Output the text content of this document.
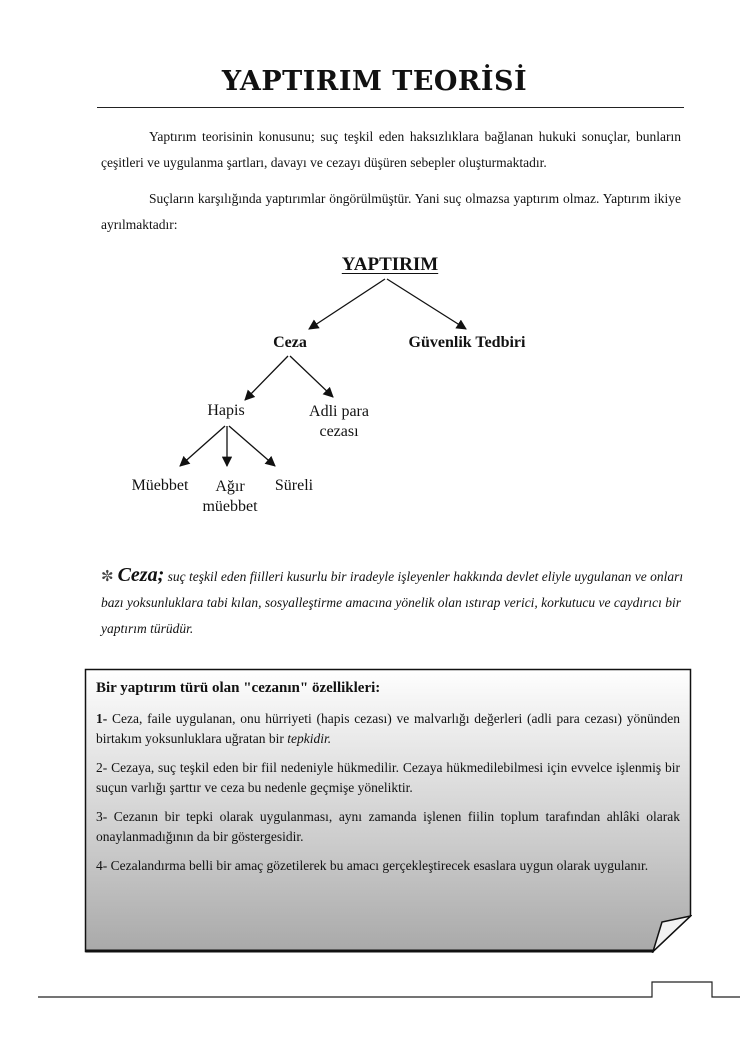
YAPTIRIM TEORİSİ
Yaptırım teorisinin konusunu; suç teşkil eden haksızlıklara bağlanan hukuki sonuçlar, bunların çeşitleri ve uygulanma şartları, davayı ve cezayı düşüren sebepler oluşturmaktadır.
Suçların karşılığında yaptırımlar öngörülmüştür. Yani suç olmazsa yaptırım olmaz. Yaptırım ikiye ayrılmaktadır:
YAPTIRIM
Ceza	Güvenlik Tedbiri
Hapis	Adli para
cezası
Müebbet	Ağır
müebbet
Süreli
✼ Ceza; suç teşkil eden fiilleri kusurlu bir iradeyle işleyenler hakkında devlet eliyle uygulanan ve onları bazı yoksunluklara tabi kılan, sosyalleştirme amacına yönelik olan ıstırap verici, korkutucu ve caydırıcı bir yaptırım türüdür.
Bir yaptırım türü olan "cezanın" özellikleri:
1- Ceza, faile uygulanan, onu hürriyeti (hapis cezası) ve malvarlığı değerleri (adli para cezası) yönünden birtakım yoksunluklara uğratan bir tepkidir.
2- Cezaya, suç teşkil eden bir fiil nedeniyle hükmedilir. Cezaya hükmedilebilmesi için evvelce işlenmiş bir suçun varlığı şarttır ve ceza bu nedenle geçmişe yöneliktir.
3- Cezanın bir tepki olarak uygulanması, aynı zamanda işlenen fiilin toplum tarafından ahlâki olarak onaylanmadığının da bir göstergesidir.
4- Cezalandırma belli bir amaç gözetilerek bu amacı gerçekleştirecek esaslara uygun olarak uygulanır.
